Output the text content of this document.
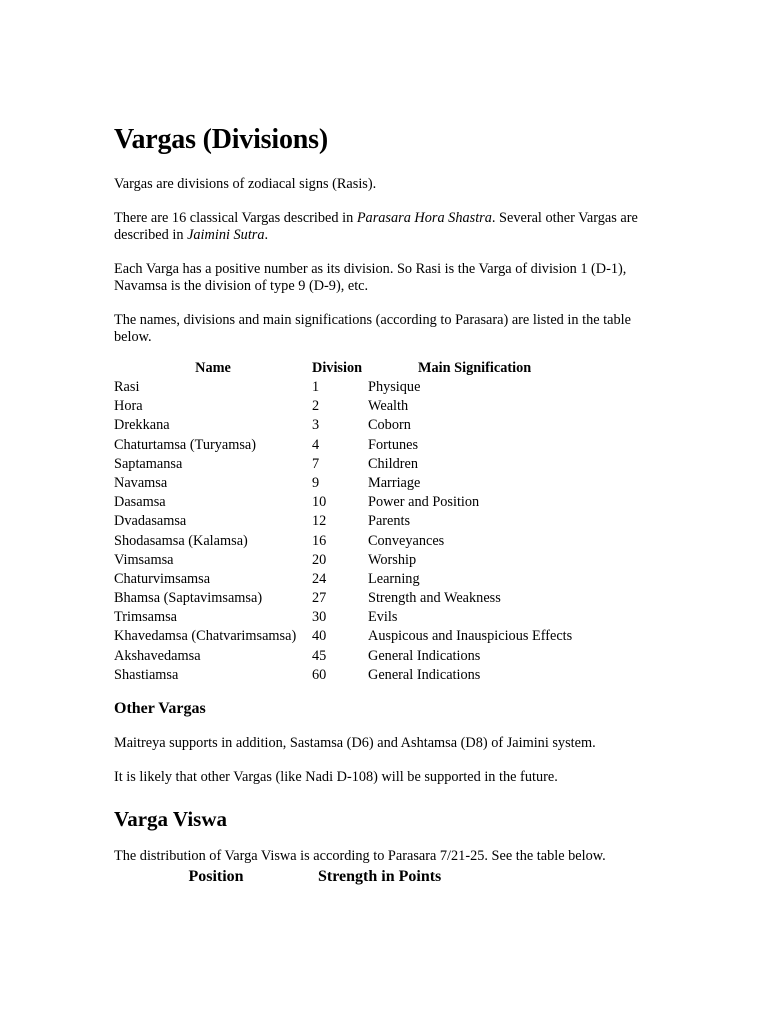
Vargas (Divisions)

Vargas are divisions of zodiacal signs (Rasis).

There are 16 classical Vargas described in Parasara Hora Shastra. Several other Vargas are described in Jaimini Sutra.

Each Varga has a positive number as its division. So Rasi is the Varga of division 1 (D-1), Navamsa is the division of type 9 (D-9), etc.

The names, divisions and main significations (according to Parasara) are listed in the table below.

Name	Division	Main Signification
Rasi	1	Physique
Hora	2	Wealth
Drekkana	3	Coborn
Chaturtamsa (Turyamsa)	4	Fortunes
Saptamansa	7	Children
Navamsa	9	Marriage
Dasamsa	10	Power and Position
Dvadasamsa	12	Parents
Shodasamsa (Kalamsa)	16	Conveyances
Vimsamsa	20	Worship
Chaturvimsamsa	24	Learning
Bhamsa (Saptavimsamsa)	27	Strength and Weakness
Trimsamsa	30	Evils
Khavedamsa (Chatvarimsamsa)	40	Auspicous and Inauspicious Effects
Akshavedamsa	45	General Indications
Shastiamsa	60	General Indications
Other Vargas

Maitreya supports in addition, Sastamsa (D6) and Ashtamsa (D8) of Jaimini system.

It is likely that other Vargas (like Nadi D-108) will be supported in the future.

Varga Viswa

The distribution of Varga Viswa is according to Parasara 7/21-25. See the table below.

Position	Strength in Points
